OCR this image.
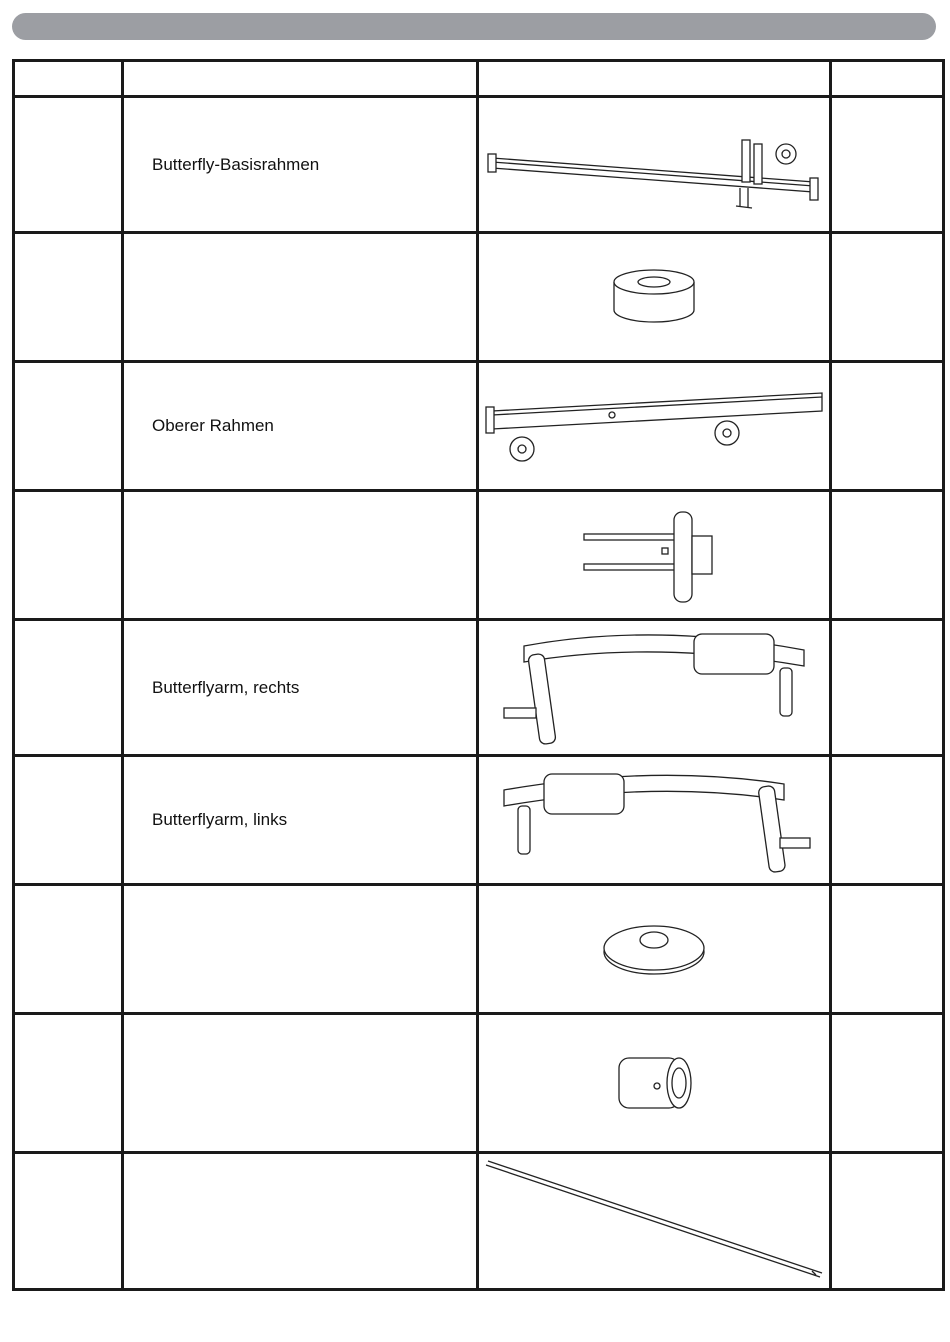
	Butterfly-Basisrahmen	

	Oberer Rahmen	

	Butterflyarm, rechts	

	Butterflyarm, links	
